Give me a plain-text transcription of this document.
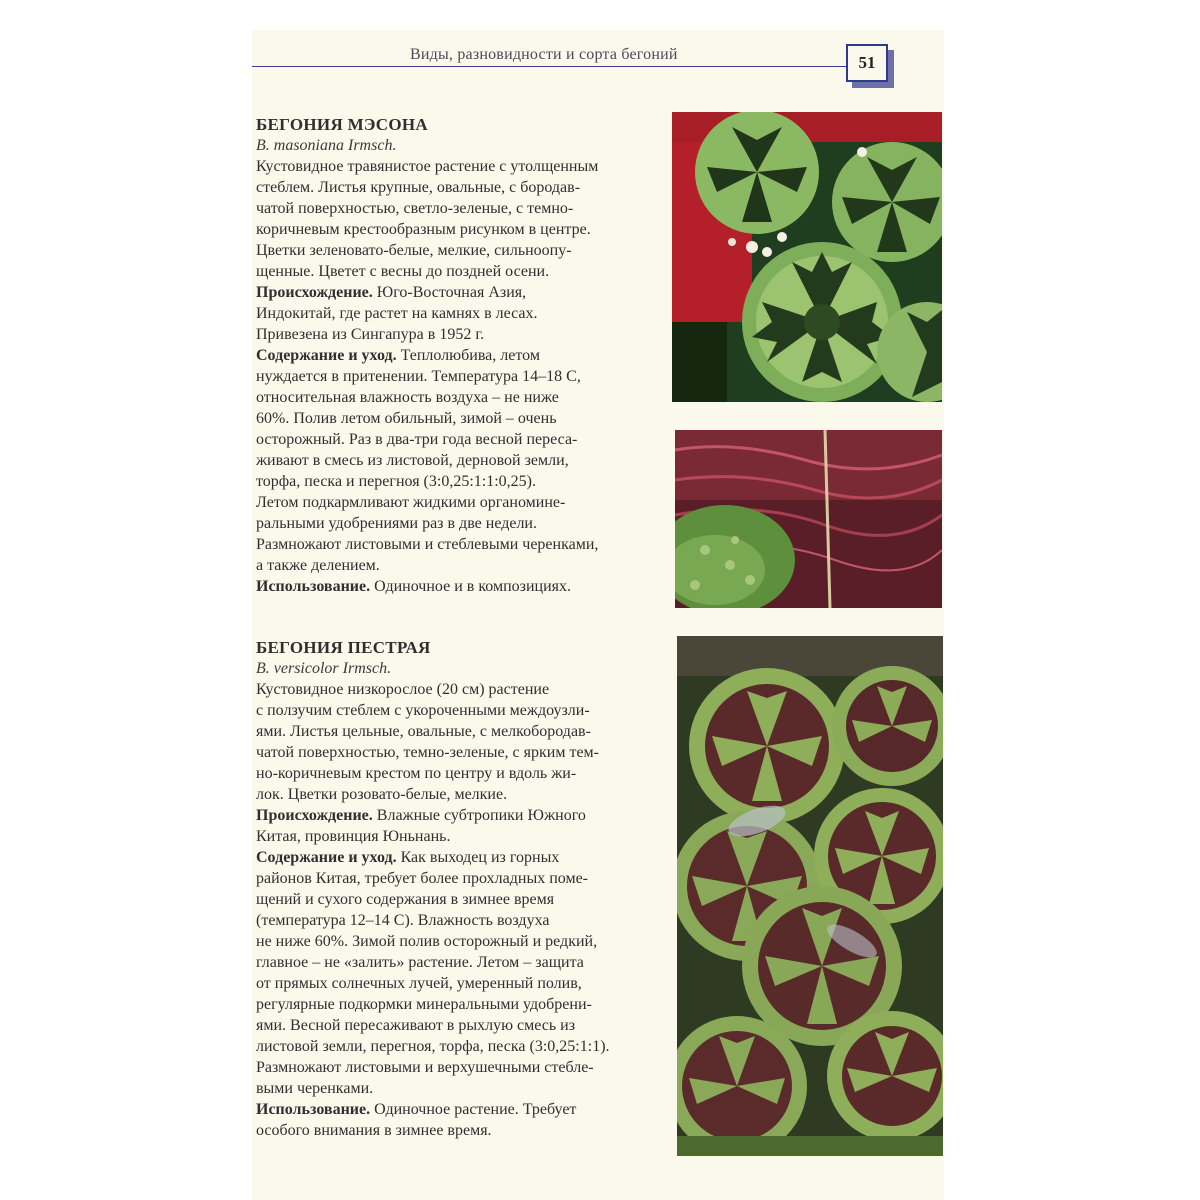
Виды, разновидности и сорта бегоний	51
БЕГОНИЯ МЭСОНА
B. masoniana Irmsch.
Кустовидное травянистое растение с утолщенным
стеблем. Листья крупные, овальные, с бородав-
чатой поверхностью, светло-зеленые, с темно-
коричневым крестообразным рисунком в центре.
Цветки зеленовато-белые, мелкие, сильноопу-
щенные. Цветет с весны до поздней осени.
Происхождение. Юго-Восточная Азия,
Индокитай, где растет на камнях в лесах.
Привезена из Сингапура в 1952 г.
Содержание и уход. Теплолюбива, летом
нуждается в притенении. Температура 14–18 С,
относительная влажность воздуха – не ниже
60%. Полив летом обильный, зимой – очень
осторожный. Раз в два-три года весной переса-
живают в смесь из листовой, дерновой земли,
торфа, песка и перегноя (3:0,25:1:1:0,25).
Летом подкармливают жидкими органомине-
ральными удобрениями раз в две недели.
Размножают листовыми и стеблевыми черенками,
а также делением.
Использование. Одиночное и в композициях.
БЕГОНИЯ ПЕСТРАЯ
B. versicolor Irmsch.
Кустовидное низкорослое (20 см) растение
с ползучим стеблем с укороченными междоузли-
ями. Листья цельные, овальные, с мелкобородав-
чатой поверхностью, темно-зеленые, с ярким тем-
но-коричневым крестом по центру и вдоль жи-
лок. Цветки розовато-белые, мелкие.
Происхождение. Влажные субтропики Южного
Китая, провинция Юньнань.
Содержание и уход. Как выходец из горных
районов Китая, требует более прохладных поме-
щений и сухого содержания в зимнее время
(температура 12–14 С). Влажность воздуха
не ниже 60%. Зимой полив осторожный и редкий,
главное – не «залить» растение. Летом – защита
от прямых солнечных лучей, умеренный полив,
регулярные подкормки минеральными удобрени-
ями. Весной пересаживают в рыхлую смесь из
листовой земли, перегноя, торфа, песка (3:0,25:1:1).
Размножают листовыми и верхушечными стебле-
выми черенками.
Использование. Одиночное растение. Требует
особого внимания в зимнее время.
